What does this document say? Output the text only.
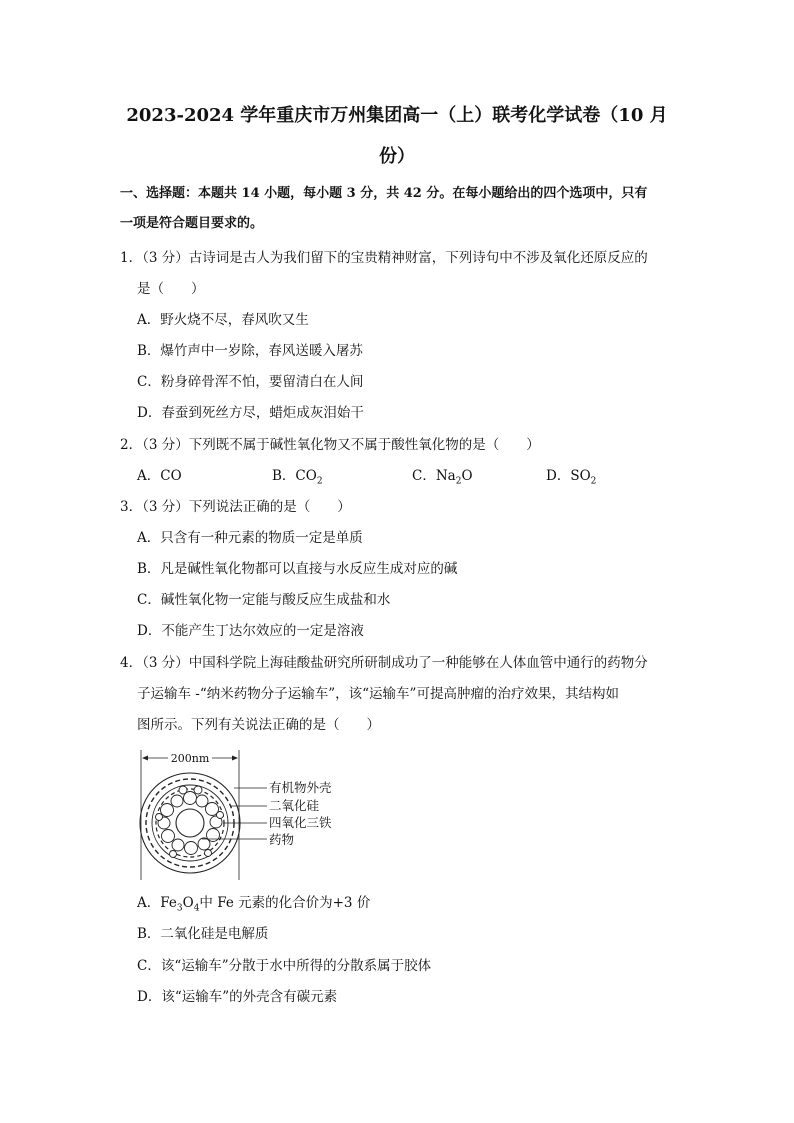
2023-2024 学年重庆市万州集团高一（上）联考化学试卷（10 月
份）
一、选择题：本题共 14 小题，每小题 3 分，共 42 分。在每小题给出的四个选项中，只有
一项是符合题目要求的。
1．（3 分）古诗词是古人为我们留下的宝贵精神财富，下列诗句中不涉及氧化还原反应的
是（　　）
A．野火烧不尽，春风吹又生
B．爆竹声中一岁除，春风送暖入屠苏
C．粉身碎骨浑不怕，要留清白在人间
D．春蚕到死丝方尽，蜡炬成灰泪始干
2．（3 分）下列既不属于碱性氧化物又不属于酸性氧化物的是（　　）
A．CO	B．$CO_2$	C．$Na_2O$	D．$SO_2$
3．（3 分）下列说法正确的是（　　）
A．只含有一种元素的物质一定是单质
B．凡是碱性氧化物都可以直接与水反应生成对应的碱
C．碱性氧化物一定能与酸反应生成盐和水
D．不能产生丁达尔效应的一定是溶液
4．（3 分）中国科学院上海硅酸盐研究所研制成功了一种能够在人体血管中通行的药物分
子运输车 -“纳米药物分子运输车”，该“运输车”可提高肿瘤的治疗效果，其结构如
图所示。下列有关说法正确的是（　　）
200nm
有机物外壳
二氧化硅
四氧化三铁
药物
A．$Fe_3O_4$中 Fe 元素的化合价为+3 价
B．二氧化硅是电解质
C．该“运输车”分散于水中所得的分散系属于胶体
D．该“运输车”的外壳含有碳元素
